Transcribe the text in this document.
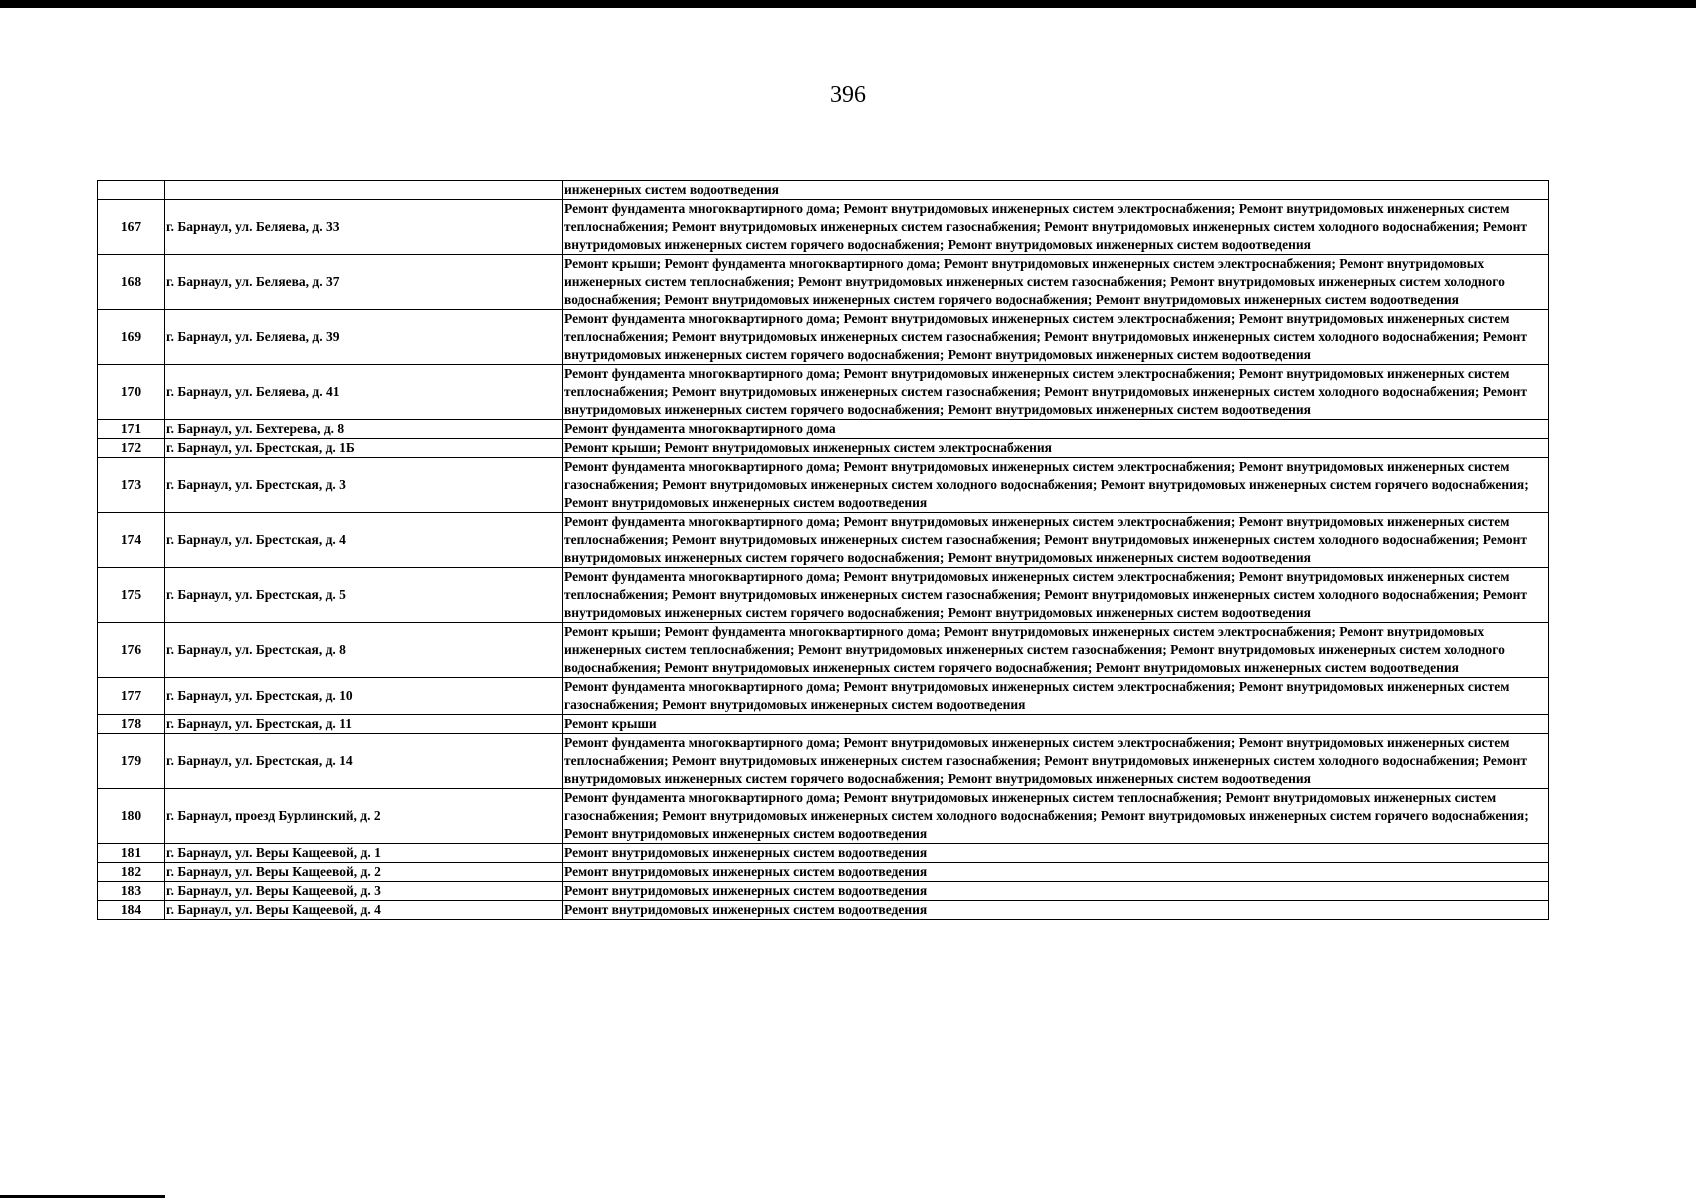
396
		инженерных систем водоотведения
167	г. Барнаул, ул. Беляева, д. 33	Ремонт фундамента многоквартирного дома; Ремонт внутридомовых инженерных систем электроснабжения; Ремонт внутридомовых инженерных систем теплоснабжения; Ремонт внутридомовых инженерных систем газоснабжения; Ремонт внутридомовых инженерных систем холодного водоснабжения; Ремонт внутридомовых инженерных систем горячего водоснабжения; Ремонт внутридомовых инженерных систем водоотведения
168	г. Барнаул, ул. Беляева, д. 37	Ремонт крыши; Ремонт фундамента многоквартирного дома; Ремонт внутридомовых инженерных систем электроснабжения; Ремонт внутридомовых инженерных систем теплоснабжения; Ремонт внутридомовых инженерных систем газоснабжения; Ремонт внутридомовых инженерных систем холодного водоснабжения; Ремонт внутридомовых инженерных систем горячего водоснабжения; Ремонт внутридомовых инженерных систем водоотведения
169	г. Барнаул, ул. Беляева, д. 39	Ремонт фундамента многоквартирного дома; Ремонт внутридомовых инженерных систем электроснабжения; Ремонт внутридомовых инженерных систем теплоснабжения; Ремонт внутридомовых инженерных систем газоснабжения; Ремонт внутридомовых инженерных систем холодного водоснабжения; Ремонт внутридомовых инженерных систем горячего водоснабжения; Ремонт внутридомовых инженерных систем водоотведения
170	г. Барнаул, ул. Беляева, д. 41	Ремонт фундамента многоквартирного дома; Ремонт внутридомовых инженерных систем электроснабжения; Ремонт внутридомовых инженерных систем теплоснабжения; Ремонт внутридомовых инженерных систем газоснабжения; Ремонт внутридомовых инженерных систем холодного водоснабжения; Ремонт внутридомовых инженерных систем горячего водоснабжения; Ремонт внутридомовых инженерных систем водоотведения
171	г. Барнаул, ул. Бехтерева, д. 8	Ремонт фундамента многоквартирного дома
172	г. Барнаул, ул. Брестская, д. 1Б	Ремонт крыши; Ремонт внутридомовых инженерных систем электроснабжения
173	г. Барнаул, ул. Брестская, д. 3	Ремонт фундамента многоквартирного дома; Ремонт внутридомовых инженерных систем электроснабжения; Ремонт внутридомовых инженерных систем газоснабжения; Ремонт внутридомовых инженерных систем холодного водоснабжения; Ремонт внутридомовых инженерных систем горячего водоснабжения; Ремонт внутридомовых инженерных систем водоотведения
174	г. Барнаул, ул. Брестская, д. 4	Ремонт фундамента многоквартирного дома; Ремонт внутридомовых инженерных систем электроснабжения; Ремонт внутридомовых инженерных систем теплоснабжения; Ремонт внутридомовых инженерных систем газоснабжения; Ремонт внутридомовых инженерных систем холодного водоснабжения; Ремонт внутридомовых инженерных систем горячего водоснабжения; Ремонт внутридомовых инженерных систем водоотведения
175	г. Барнаул, ул. Брестская, д. 5	Ремонт фундамента многоквартирного дома; Ремонт внутридомовых инженерных систем электроснабжения; Ремонт внутридомовых инженерных систем теплоснабжения; Ремонт внутридомовых инженерных систем газоснабжения; Ремонт внутридомовых инженерных систем холодного водоснабжения; Ремонт внутридомовых инженерных систем горячего водоснабжения; Ремонт внутридомовых инженерных систем водоотведения
176	г. Барнаул, ул. Брестская, д. 8	Ремонт крыши; Ремонт фундамента многоквартирного дома; Ремонт внутридомовых инженерных систем электроснабжения; Ремонт внутридомовых инженерных систем теплоснабжения; Ремонт внутридомовых инженерных систем газоснабжения; Ремонт внутридомовых инженерных систем холодного водоснабжения; Ремонт внутридомовых инженерных систем горячего водоснабжения; Ремонт внутридомовых инженерных систем водоотведения
177	г. Барнаул, ул. Брестская, д. 10	Ремонт фундамента многоквартирного дома; Ремонт внутридомовых инженерных систем электроснабжения; Ремонт внутридомовых инженерных систем газоснабжения; Ремонт внутридомовых инженерных систем водоотведения
178	г. Барнаул, ул. Брестская, д. 11	Ремонт крыши
179	г. Барнаул, ул. Брестская, д. 14	Ремонт фундамента многоквартирного дома; Ремонт внутридомовых инженерных систем электроснабжения; Ремонт внутридомовых инженерных систем теплоснабжения; Ремонт внутридомовых инженерных систем газоснабжения; Ремонт внутридомовых инженерных систем холодного водоснабжения; Ремонт внутридомовых инженерных систем горячего водоснабжения; Ремонт внутридомовых инженерных систем водоотведения
180	г. Барнаул, проезд Бурлинский, д. 2	Ремонт фундамента многоквартирного дома; Ремонт внутридомовых инженерных систем теплоснабжения; Ремонт внутридомовых инженерных систем газоснабжения; Ремонт внутридомовых инженерных систем холодного водоснабжения; Ремонт внутридомовых инженерных систем горячего водоснабжения; Ремонт внутридомовых инженерных систем водоотведения
181	г. Барнаул, ул. Веры Кащеевой, д. 1	Ремонт внутридомовых инженерных систем водоотведения
182	г. Барнаул, ул. Веры Кащеевой, д. 2	Ремонт внутридомовых инженерных систем водоотведения
183	г. Барнаул, ул. Веры Кащеевой, д. 3	Ремонт внутридомовых инженерных систем водоотведения
184	г. Барнаул, ул. Веры Кащеевой, д. 4	Ремонт внутридомовых инженерных систем водоотведения
